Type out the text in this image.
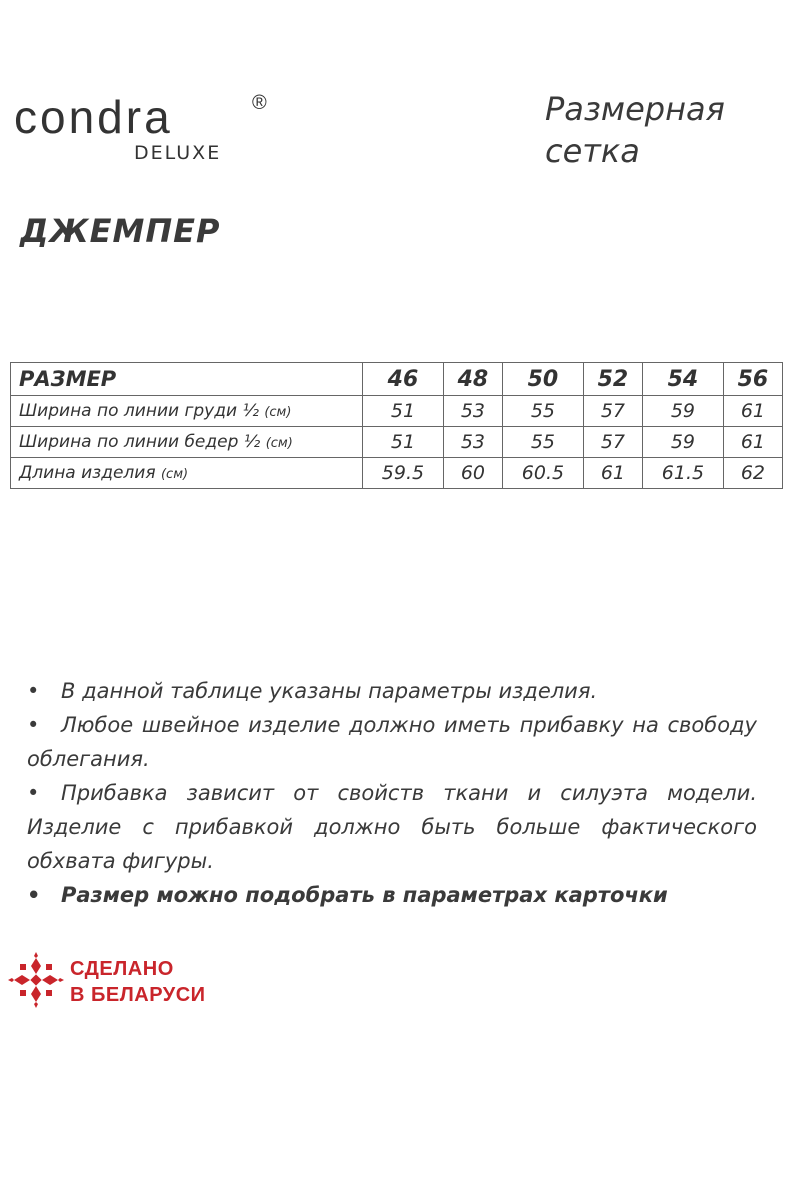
condra	®
DELUXE
Размерная
сетка
ДЖЕМПЕР
РАЗМЕР	46	48	50	52	54	56
Ширина по линии груди ½ (см)	51	53	55	57	59	61
Ширина по линии бедер ½ (см)	51	53	55	57	59	61
Длина изделия (см)	59.5	60	60.5	61	61.5	62

• В данной таблице указаны параметры изделия.

• Любое швейное изделие должно иметь прибавку на свободу облегания.

• Прибавка зависит от свойств ткани и силуэта модели. Изделие с прибавкой должно быть больше фактического обхвата фигуры.

• Размер можно подобрать в параметрах карточки

СДЕЛАНО
В БЕЛАРУСИ
